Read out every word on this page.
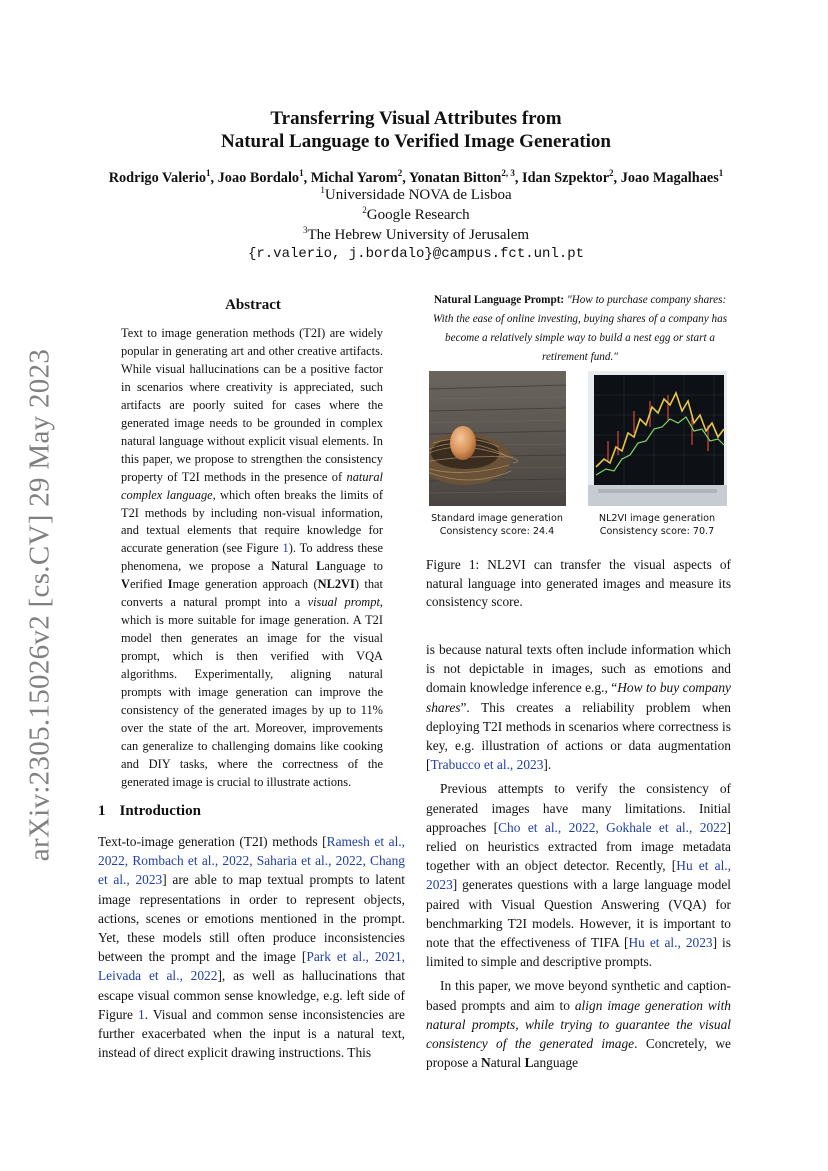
arXiv:2305.15026v2 [cs.CV] 29 May 2023
Transferring Visual Attributes from
Natural Language to Verified Image Generation
Rodrigo Valerio$^1$, Joao Bordalo$^1$, Michal Yarom$^2$, Yonatan Bitton$^{2, 3}$, Idan Szpektor$^2$, Joao Magalhaes$^1$
$^1$Universidade NOVA de Lisboa
$^2$Google Research
$^3$The Hebrew University of Jerusalem
{r.valerio, j.bordalo}@campus.fct.unl.pt
Abstract

Text to image generation methods (T2I) are widely popular in generating art and other creative artifacts. While visual hallucinations can be a positive factor in scenarios where creativity is appreciated, such artifacts are poorly suited for cases where the generated image needs to be grounded in complex natural language without explicit visual elements. In this paper, we propose to strengthen the consistency property of T2I methods in the presence of natural complex language, which often breaks the limits of T2I methods by including non-visual information, and textual elements that require knowledge for accurate generation (see Figure 1). To address these phenomena, we propose a Natural Language to Verified Image generation approach (NL2VI) that converts a natural prompt into a visual prompt, which is more suitable for image generation. A T2I model then generates an image for the visual prompt, which is then verified with VQA algorithms. Experimentally, aligning natural prompts with image generation can improve the consistency of the generated images by up to 11% over the state of the art. Moreover, improvements can generalize to challenging domains like cooking and DIY tasks, where the correctness of the generated image is crucial to illustrate actions.

1 Introduction

Text-to-image generation (T2I) methods [Ramesh et al., 2022, Rombach et al., 2022, Saharia et al., 2022, Chang et al., 2023] are able to map textual prompts to latent image representations in order to represent objects, actions, scenes or emotions mentioned in the prompt. Yet, these models still often produce inconsistencies between the prompt and the image [Park et al., 2021, Leivada et al., 2022], as well as hallucinations that escape visual common sense knowledge, e.g. left side of Figure 1. Visual and common sense inconsistencies are further exacerbated when the input is a natural text, instead of direct explicit drawing instructions. This

Natural Language Prompt: "How to purchase company shares: With the ease of online investing, buying shares of a company has become a relatively simple way to build a nest egg or start a retirement fund."
Standard image generation
Consistency score: 24.4
NL2VI image generation
Consistency score: 70.7

Figure 1: NL2VI can transfer the visual aspects of natural language into generated images and measure its consistency score.

is because natural texts often include information which is not depictable in images, such as emotions and domain knowledge inference e.g., “How to buy company shares”. This creates a reliability problem when deploying T2I methods in scenarios where correctness is key, e.g. illustration of actions or data augmentation [Trabucco et al., 2023].

Previous attempts to verify the consistency of generated images have many limitations. Initial approaches [Cho et al., 2022, Gokhale et al., 2022] relied on heuristics extracted from image metadata together with an object detector. Recently, [Hu et al., 2023] generates questions with a large language model paired with Visual Question Answering (VQA) for benchmarking T2I models. However, it is important to note that the effectiveness of TIFA [Hu et al., 2023] is limited to simple and descriptive prompts.

In this paper, we move beyond synthetic and caption-based prompts and aim to align image generation with natural prompts, while trying to guarantee the visual consistency of the generated image. Concretely, we propose a Natural Language
